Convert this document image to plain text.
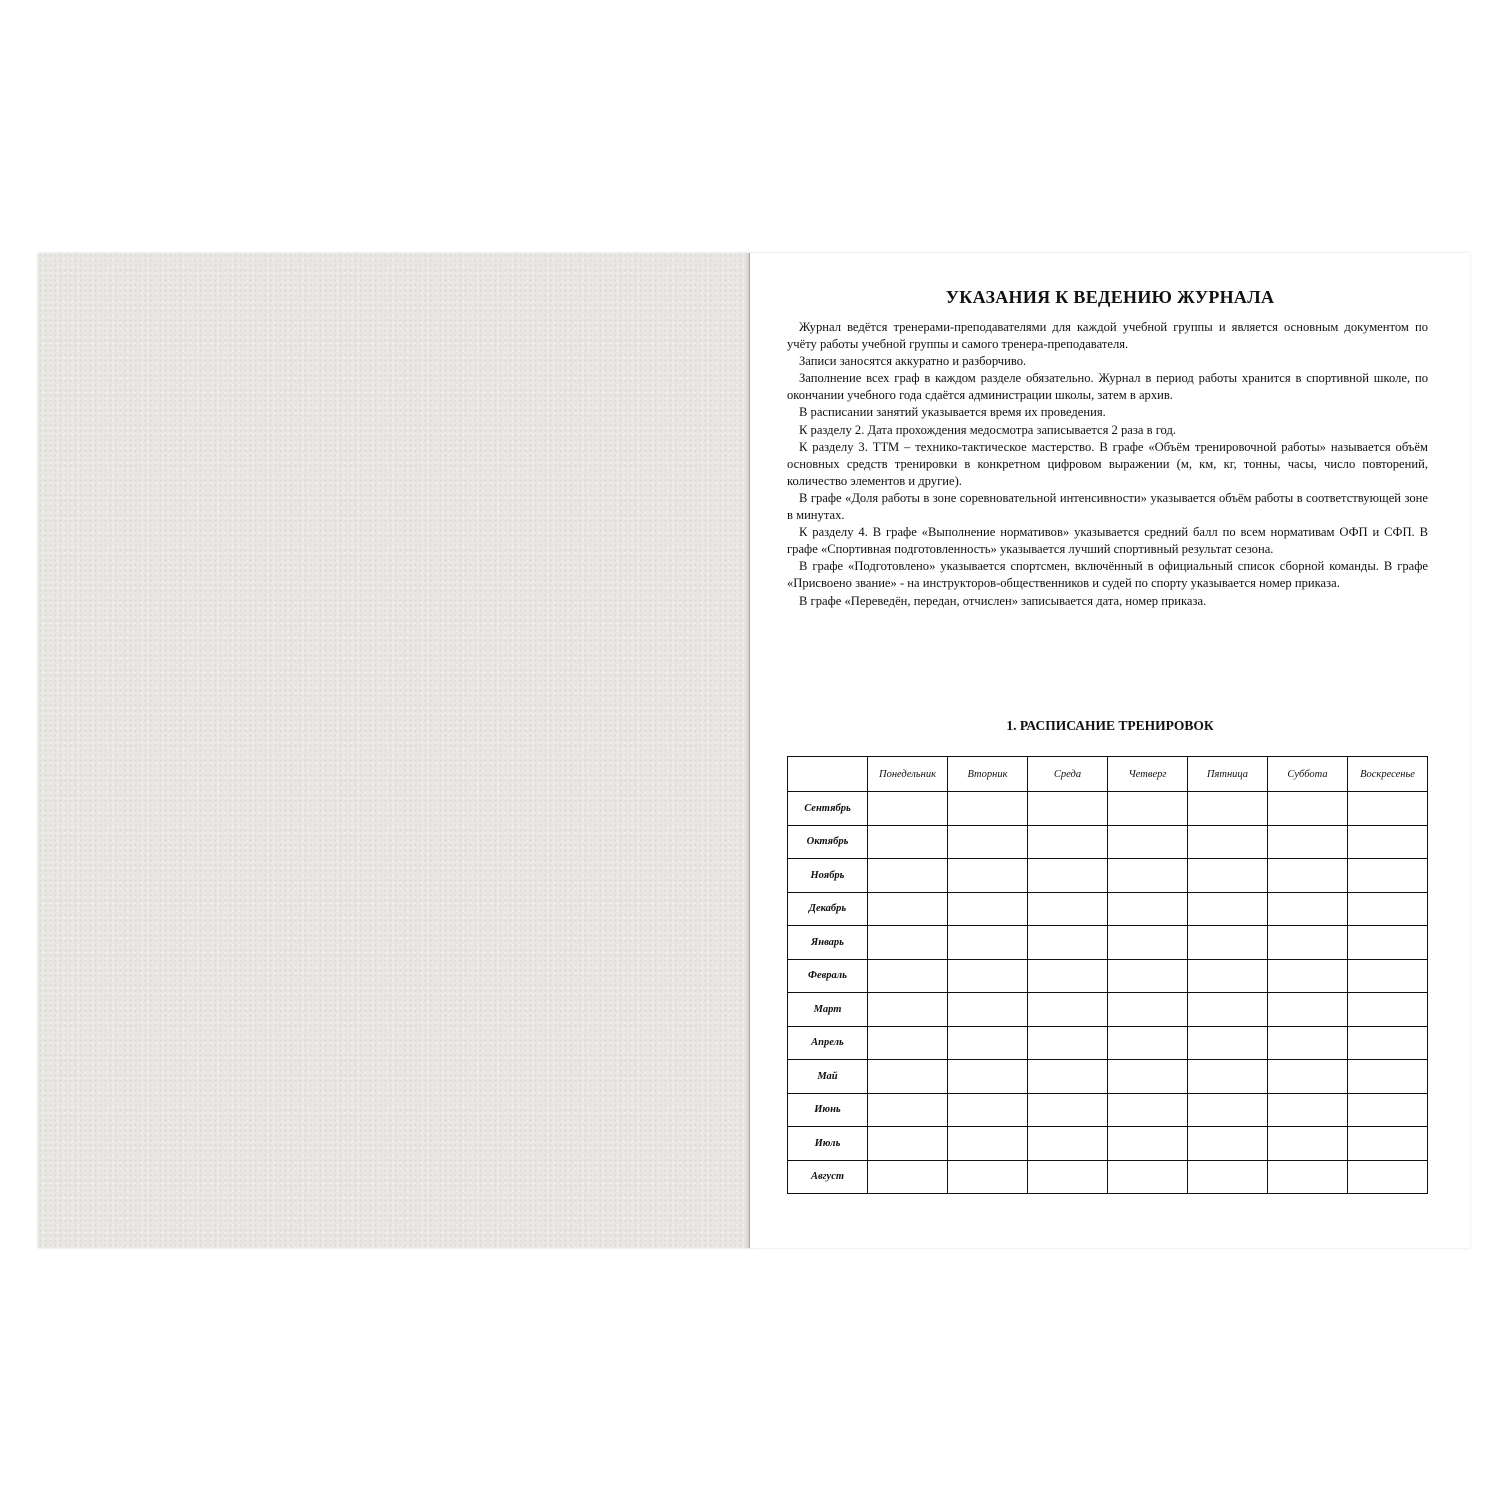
УКАЗАНИЯ К ВЕДЕНИЮ ЖУРНАЛА

Журнал ведётся тренерами-преподавателями для каждой учебной группы и является основным документом по учёту работы учебной группы и самого тренера-преподавателя.

Записи заносятся аккуратно и разборчиво.

Заполнение всех граф в каждом разделе обязательно. Журнал в период работы хранится в спортивной школе, по окончании учебного года сдаётся администрации школы, затем в архив.

В расписании занятий указывается время их проведения.

К разделу 2. Дата прохождения медосмотра записывается 2 раза в год.

К разделу 3. ТТМ – технико-тактическое мастерство. В графе «Объём тренировочной работы» называется объём основных средств тренировки в конкретном цифровом выражении (м, км, кг, тонны, часы, число повторений, количество элементов и другие).

В графе «Доля работы в зоне соревновательной интенсивности» указывается объём работы в соответствующей зоне в минутах.

К разделу 4. В графе «Выполнение нормативов» указывается средний балл по всем нормативам ОФП и СФП. В графе «Спортивная подготовленность» указывается лучший спортивный результат сезона.

В графе «Подготовлено» указывается спортсмен, включённый в официальный список сборной команды. В графе «Присвоено звание» - на инструкторов-общественников и судей по спорту указывается номер приказа.

В графе «Переведён, передан, отчислен» записывается дата, номер приказа.

1. РАСПИСАНИЕ ТРЕНИРОВОК
	Понедельник	Вторник	Среда	Четверг	Пятница	Суббота	Воскресенье
Сентябрь							
Октябрь							
Ноябрь							
Декабрь							
Январь							
Февраль							
Март							
Апрель							
Май							
Июнь							
Июль							
Август							
